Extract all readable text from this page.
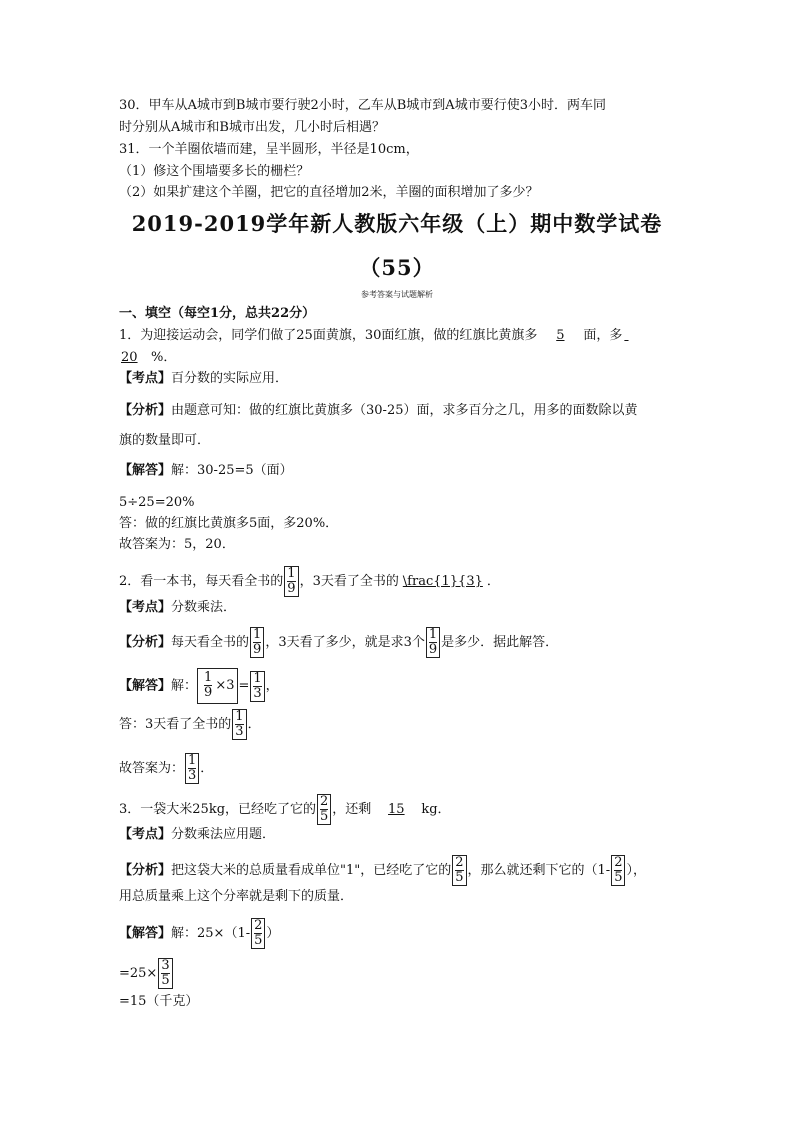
30．甲车从A城市到B城市要行驶2小时，乙车从B城市到A城市要行使3小时．两车同
时分别从A城市和B城市出发，几小时后相遇？
31．一个羊圈依墙而建，呈半圆形，半径是10cm，
（1）修这个围墙要多长的栅栏？
（2）如果扩建这个羊圈，把它的直径增加2米，羊圈的面积增加了多少？
2019-2019学年新人教版六年级（上）期中数学试卷
（55）
参考答案与试题解析
一、填空（每空1分，总共22分）
1．为迎接运动会，同学们做了25面黄旗，30面红旗，做的红旗比黄旗多 5 面，多
20 %．
【考点】百分数的实际应用．
【分析】由题意可知：做的红旗比黄旗多（30-25）面，求多百分之几，用多的面数除以黄
旗的数量即可．
【解答】解：30-25=5（面）
5÷25=20%
答：做的红旗比黄旗多5面，多20%．
故答案为：5，20．
2．看一本书，每天看全书的 $\frac{1}{9}$ ，3天看了全书的 \frac{1}{3} ．
【考点】分数乘法．
【分析】每天看全书的 $\frac{1}{9}$ ，3天看了多少，就是求3个 $\frac{1}{9}$ 是多少．据此解答．
【解答】解： $\frac{1}{9} \times 3 = \frac{1}{3}$ ，
答：3天看了全书的 $\frac{1}{3}$ ．
故答案为： $\frac{1}{3}$ ．
3．一袋大米25kg，已经吃了它的 $\frac{2}{5}$ ，还剩 15 kg．
【考点】分数乘法应用题．
【分析】把这袋大米的总质量看成单位"1"，已经吃了它的 $\frac{2}{5}$ ，那么就还剩下它的（$1- \frac{2}{5}$ ），
用总质量乘上这个分率就是剩下的质量．
【解答】解：$25\times(1- \frac{2}{5}$ ）
$=25\times \frac{3}{5}$
=15（千克）
